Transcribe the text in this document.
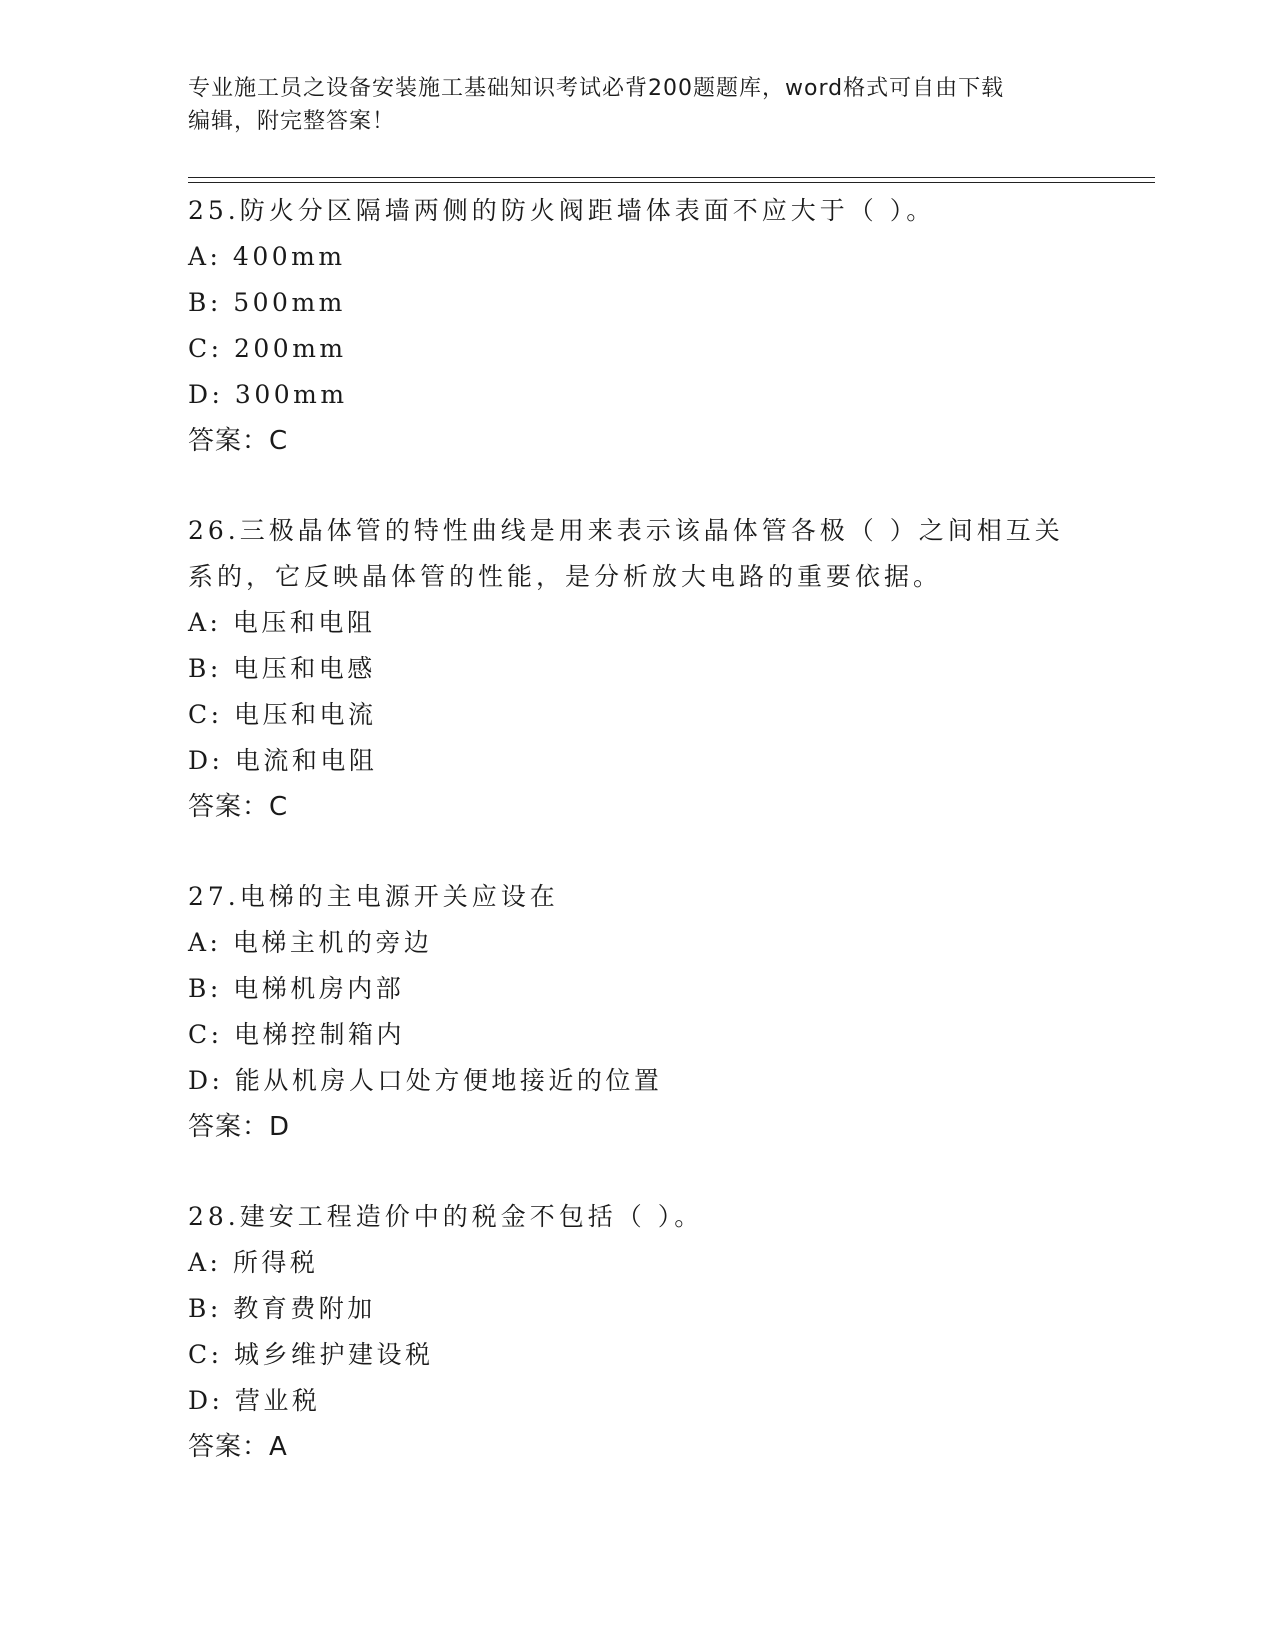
专业施工员之设备安装施工基础知识考试必背200题题库，word格式可自由下载
编辑，附完整答案！
25.防火分区隔墙两侧的防火阀距墙体表面不应大于（ ）。
A: 400mm
B: 500mm
C: 200mm
D: 300mm
答案：C
26.三极晶体管的特性曲线是用来表示该晶体管各极（ ）之间相互关
系的，它反映晶体管的性能，是分析放大电路的重要依据。
A: 电压和电阻
B: 电压和电感
C: 电压和电流
D: 电流和电阻
答案：C
27.电梯的主电源开关应设在
A: 电梯主机的旁边
B: 电梯机房内部
C: 电梯控制箱内
D: 能从机房人口处方便地接近的位置
答案：D
28.建安工程造价中的税金不包括（ ）。
A: 所得税
B: 教育费附加
C: 城乡维护建设税
D: 营业税
答案：A
